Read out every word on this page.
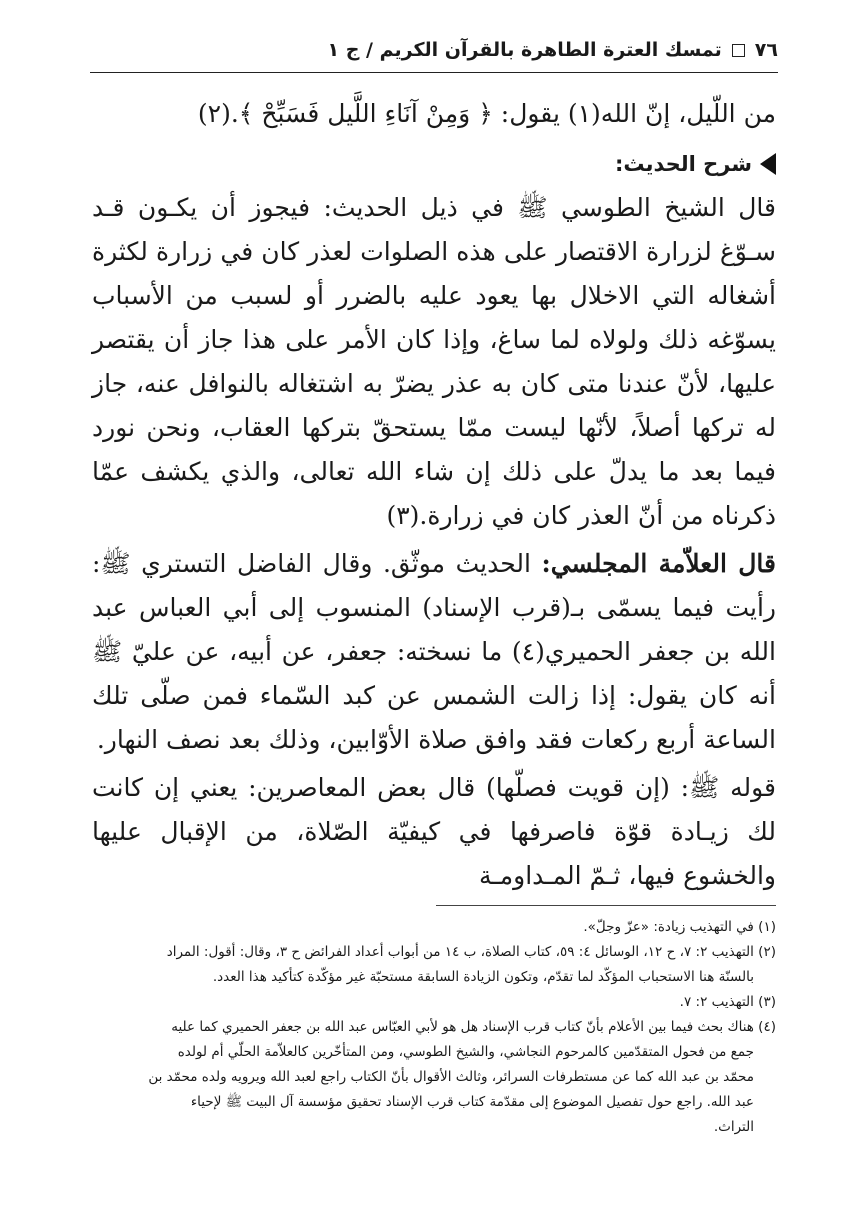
٧٦
تمسك العترة الطاهرة بالقرآن الكريم / ج ١

من اللّيل، إنّ الله(١) يقول: ﴿ وَمِنْ آنَاءِ اللَّيل فَسَبِّحْ ﴾.(٢)

شرح الحديث:

قال الشيخ الطوسي ﷺ في ذيل الحديث: فيجوز أن يكـون قـد سـوّغ لزرارة الاقتصار على هذه الصلوات لعذر كان في زرارة لكثرة أشغاله التي الاخلال بها يعود عليه بالضرر أو لسبب من الأسباب يسوّغه ذلك ولولاه لما ساغ، وإذا كان الأمر على هذا جاز أن يقتصر عليها، لأنّ عندنا متى كان به عذر يضرّ به اشتغاله بالنوافل عنه، جاز له تركها أصلاً، لأنّها ليست ممّا يستحقّ بتركها العقاب، ونحن نورد فيما بعد ما يدلّ على ذلك إن شاء الله تعالى، والذي يكشف عمّا ذكرناه من أنّ العذر كان في زرارة.(٣)

قال العلاّمة المجلسي: الحديث موثّق. وقال الفاضل التستري ﷺ: رأيت فيما يسمّى بـ(قرب الإسناد) المنسوب إلى أبي العباس عبد الله بن جعفر الحميري(٤) ما نسخته: جعفر، عن أبيه، عن عليّ ﷺ أنه كان يقول: إذا زالت الشمس عن كبد السّماء فمن صلّى تلك الساعة أربع ركعات فقد وافق صلاة الأوّابين، وذلك بعد نصف النهار.

قوله ﷺ: (إن قويت فصلّها) قال بعض المعاصرين: يعني إن كانت لك زيـادة قوّة فاصرفها في كيفيّة الصّلاة، من الإقبال عليها والخشوع فيها، ثـمّ المـداومـة

(١) في التهذيب زيادة: «عزّ وجلّ».

(٢) التهذيب ٢: ٧، ح ١٢، الوسائل ٤: ٥٩، كتاب الصلاة، ب ١٤ من أبواب أعداد الفرائض ح ٣، وقال: أقول: المراد

بالسنّة هنا الاستحباب المؤكّد لما تقدّم، وتكون الزيادة السابقة مستحبّة غير مؤكّدة كتأكيد هذا العدد.

(٣) التهذيب ٢: ٧.

(٤) هناك بحث فيما بين الأعلام بأنّ كتاب قرب الإسناد هل هو لأبي العبّاس عبد الله بن جعفر الحميري كما عليه

جمع من فحول المتقدّمين كالمرحوم النجاشي، والشيخ الطوسي، ومن المتأخّرين كالعلاّمة الحلّي أم لولده

محمّد بن عبد الله كما عن مستطرفات السرائر، وثالث الأقوال بأنّ الكتاب راجع لعبد الله ويرويه ولده محمّد بن

عبد الله. راجع حول تفصيل الموضوع إلى مقدّمة كتاب قرب الإسناد تحقيق مؤسسة آل البيت ﷺ لإحياء

التراث.
